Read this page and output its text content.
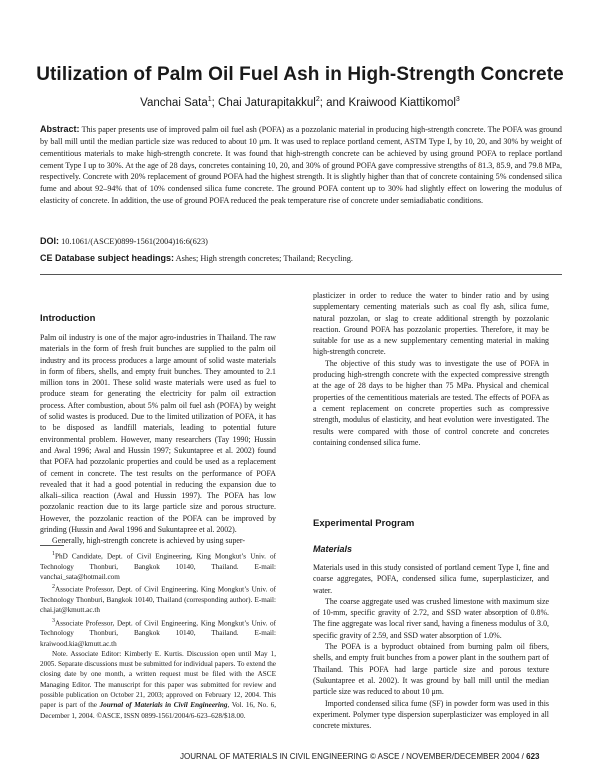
Utilization of Palm Oil Fuel Ash in High-Strength Concrete
Vanchai Sata$^1$; Chai Jaturapitakkul$^2$; and Kraiwood Kiattikomol$^3$
Abstract: This paper presents use of improved palm oil fuel ash (POFA) as a pozzolanic material in producing high-strength concrete. The POFA was ground by ball mill until the median particle size was reduced to about 10 μm. It was used to replace portland cement, ASTM Type I, by 10, 20, and 30% by weight of cementitious materials to make high-strength concrete. It was found that high-strength concrete can be achieved by using ground POFA to replace portland cement Type I up to 30%. At the age of 28 days, concretes containing 10, 20, and 30% of ground POFA gave compressive strengths of 81.3, 85.9, and 79.8 MPa, respectively. Concrete with 20% replacement of ground POFA had the highest strength. It is slightly higher than that of concrete containing 5% condensed silica fume and about 92–94% that of 10% condensed silica fume concrete. The ground POFA content up to 30% had slightly effect on lowering the modulus of elasticity of concrete. In addition, the use of ground POFA reduced the peak temperature rise of concrete under semiadiabatic conditions.
DOI: 10.1061/(ASCE)0899-1561(2004)16:6(623)
CE Database subject headings: Ashes; High strength concretes; Thailand; Recycling.
Introduction

Palm oil industry is one of the major agro-industries in Thailand. The raw materials in the form of fresh fruit bunches are supplied to the palm oil industry and its process produces a large amount of solid waste materials in form of fibers, shells, and empty fruit bunches. They amounted to 2.1 million tons in 2001. These solid waste materials were used as fuel to produce steam for generating the electricity for palm oil extraction process. After combustion, about 5% palm oil fuel ash (POFA) by weight of solid wastes is produced. Due to the limited utilization of POFA, it has to be disposed as landfill materials, leading to potential future environmental problem. However, many researchers (Tay 1990; Hussin and Awal 1996; Awal and Hussin 1997; Sukuntapree et al. 2002) found that POFA had pozzolanic properties and could be used as a replacement of cement in concrete. The test results on the performance of POFA revealed that it had a good potential in reducing the expansion due to alkali–silica reaction (Awal and Hussin 1997). The POFA has low pozzolanic reaction due to its large particle size and porous structure. However, the pozzolanic reaction of the POFA can be improved by grinding (Hussin and Awal 1996 and Sukuntapree et al. 2002).

Generally, high-strength concrete is achieved by using super-

$^1$PhD Candidate, Dept. of Civil Engineering, King Mongkut’s Univ. of Technology Thonburi, Bangkok 10140, Thailand. E-mail: vanchai_sata@hotmail.com

$^2$Associate Professor, Dept. of Civil Engineering, King Mongkut’s Univ. of Technology Thonburi, Bangkok 10140, Thailand (corresponding author). E-mail: chai.jat@kmutt.ac.th

$^3$Associate Professor, Dept. of Civil Engineering, King Mongkut’s Univ. of Technology Thonburi, Bangkok 10140, Thailand. E-mail: kraiwood.kia@kmutt.ac.th

Note. Associate Editor: Kimberly E. Kurtis. Discussion open until May 1, 2005. Separate discussions must be submitted for individual papers. To extend the closing date by one month, a written request must be filed with the ASCE Managing Editor. The manuscript for this paper was submitted for review and possible publication on October 21, 2003; approved on February 12, 2004. This paper is part of the Journal of Materials in Civil Engineering, Vol. 16, No. 6, December 1, 2004. ©ASCE, ISSN 0899-1561/2004/6-623–628/$18.00.

plasticizer in order to reduce the water to binder ratio and by using supplementary cementing materials such as coal fly ash, silica fume, natural pozzolan, or slag to create additional strength by pozzolanic reaction. Ground POFA has pozzolanic properties. Therefore, it may be suitable for use as a new supplementary cementing material in making high-strength concrete.

The objective of this study was to investigate the use of POFA in producing high-strength concrete with the expected compressive strength at the age of 28 days to be higher than 75 MPa. Physical and chemical properties of the cementitious materials are tested. The effects of POFA as a cement replacement on concrete properties such as compressive strength, modulus of elasticity, and heat evolution were investigated. The results were compared with those of control concrete and concretes containing condensed silica fume.

Experimental Program
Materials

Materials used in this study consisted of portland cement Type I, fine and coarse aggregates, POFA, condensed silica fume, superplasticizer, and water.

The coarse aggregate used was crushed limestone with maximum size of 10-mm, specific gravity of 2.72, and SSD water absorption of 0.8%. The fine aggregate was local river sand, having a fineness modulus of 3.0, specific gravity of 2.59, and SSD water absorption of 1.0%.

The POFA is a byproduct obtained from burning palm oil fibers, shells, and empty fruit bunches from a power plant in the southern part of Thailand. This POFA had large particle size and porous texture (Sukuntapree et al. 2002). It was ground by ball mill until the median particle size was reduced to about 10 μm.

Imported condensed silica fume (SF) in powder form was used in this experiment. Polymer type dispersion superplasticizer was employed in all concrete mixtures.

JOURNAL OF MATERIALS IN CIVIL ENGINEERING © ASCE / NOVEMBER/DECEMBER 2004 / 623
